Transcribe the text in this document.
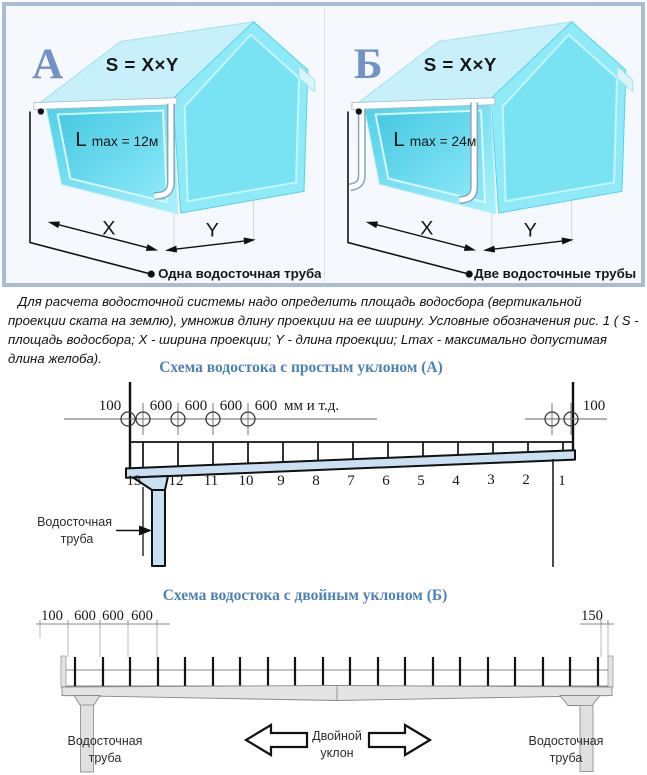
А S = X×Y
Lmax = 12м
X	Y
Одна водосточная труба
Б S = X×Y
Lmax = 24м
X	Y
Две водосточные трубы
Для расчета водосточной системы надо определить площадь водосбора (вертикальной проекции ската на землю), умножив длину проекции на ее ширину. Условные обозначения рис. 1 ( S - площадь водосбора; X - ширина проекции; Y - длина проекции; Lmax - максимально допустимая длина желоба).
Схема водостока с простым уклоном (А)
100 600 600 600 600 мм и т.д.	100
13 12 11 10 9 8 7 6 5 4 3 2 1
Водосточная
труба
Схема водостока с двойным уклоном (Б)
100 600 600 600	150
Водосточная
труба
Двойной
уклон
Водосточная
труба
